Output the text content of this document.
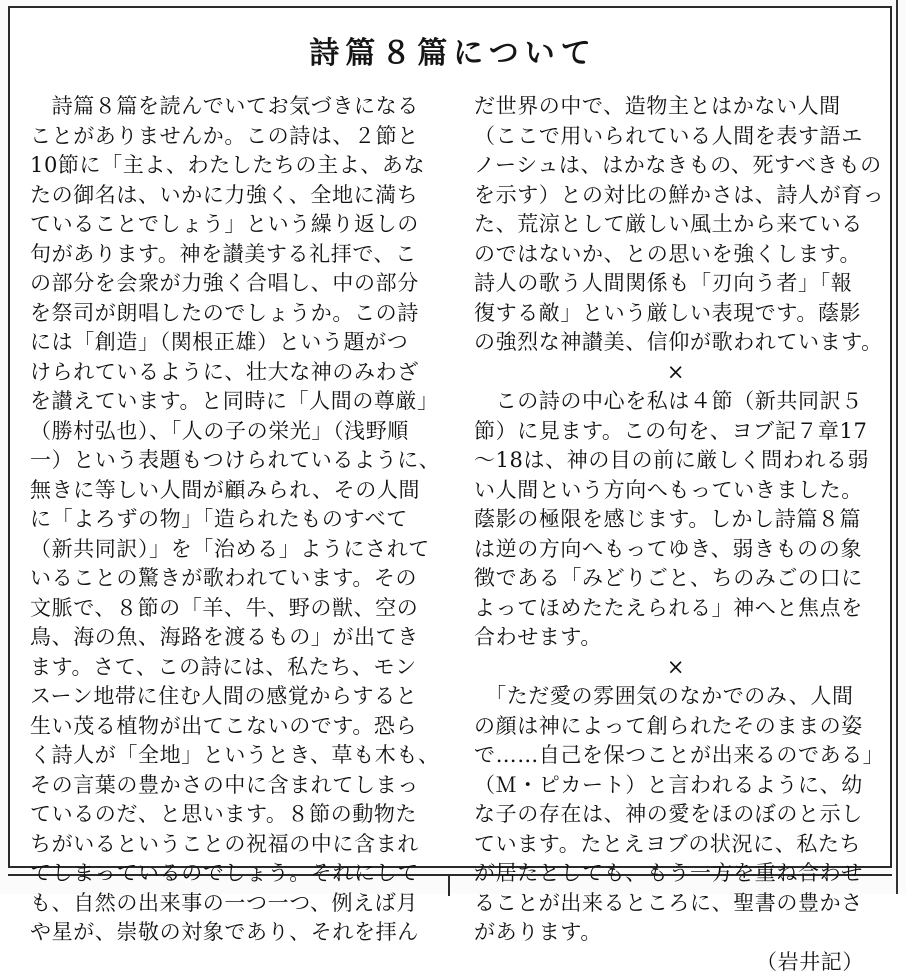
詩篇８篇について
　詩篇８篇を読んでいてお気づきになる
ことがありませんか。この詩は、２節と
10節に「主よ、わたしたちの主よ、あな
たの御名は、いかに力強く、全地に満ち
ていることでしょう」という繰り返しの
句があります。神を讃美する礼拝で、こ
の部分を会衆が力強く合唱し、中の部分
を祭司が朗唱したのでしょうか。この詩
には「創造」（関根正雄）という題がつ
けられているように、壮大な神のみわざ
を讃えています。と同時に「人間の尊厳」
（勝村弘也）、「人の子の栄光」（浅野順
一）という表題もつけられているように、
無きに等しい人間が顧みられ、その人間
に「よろずの物」「造られたものすべて
（新共同訳）」を「治める」ようにされて
いることの驚きが歌われています。その
文脈で、８節の「羊、牛、野の獣、空の
鳥、海の魚、海路を渡るもの」が出てき
ます。さて、この詩には、私たち、モン
スーン地帯に住む人間の感覚からすると
生い茂る植物が出てこないのです。恐ら
く詩人が「全地」というとき、草も木も、
その言葉の豊かさの中に含まれてしまっ
ているのだ、と思います。８節の動物た
ちがいるということの祝福の中に含まれ
てしまっているのでしょう。それにして
も、自然の出来事の一つ一つ、例えば月
や星が、崇敬の対象であり、それを拝ん
だ世界の中で、造物主とはかない人間
（ここで用いられている人間を表す語エ
ノーシュは、はかなきもの、死すべきもの
を示す）との対比の鮮かさは、詩人が育っ
た、荒涼として厳しい風土から来ている
のではないか、との思いを強くします。
詩人の歌う人間関係も「刃向う者」「報
復する敵」という厳しい表現です。蔭影
の強烈な神讃美、信仰が歌われています。
×
　この詩の中心を私は４節（新共同訳５
節）に見ます。この句を、ヨブ記７章17
〜18は、神の目の前に厳しく問われる弱
い人間という方向へもっていきました。
蔭影の極限を感じます。しかし詩篇８篇
は逆の方向へもってゆき、弱きものの象
徴である「みどりごと、ちのみごの口に
よってほめたたえられる」神へと焦点を
合わせます。
×
　「ただ愛の雰囲気のなかでのみ、人間
の顔は神によって創られたそのままの姿
で……自己を保つことが出来るのである」
（Ｍ・ピカート）と言われるように、幼
な子の存在は、神の愛をほのぼのと示し
ています。たとえヨブの状況に、私たち
が居たとしても、もう一方を重ね合わせ
ることが出来るところに、聖書の豊かさ
があります。
（岩井記）
